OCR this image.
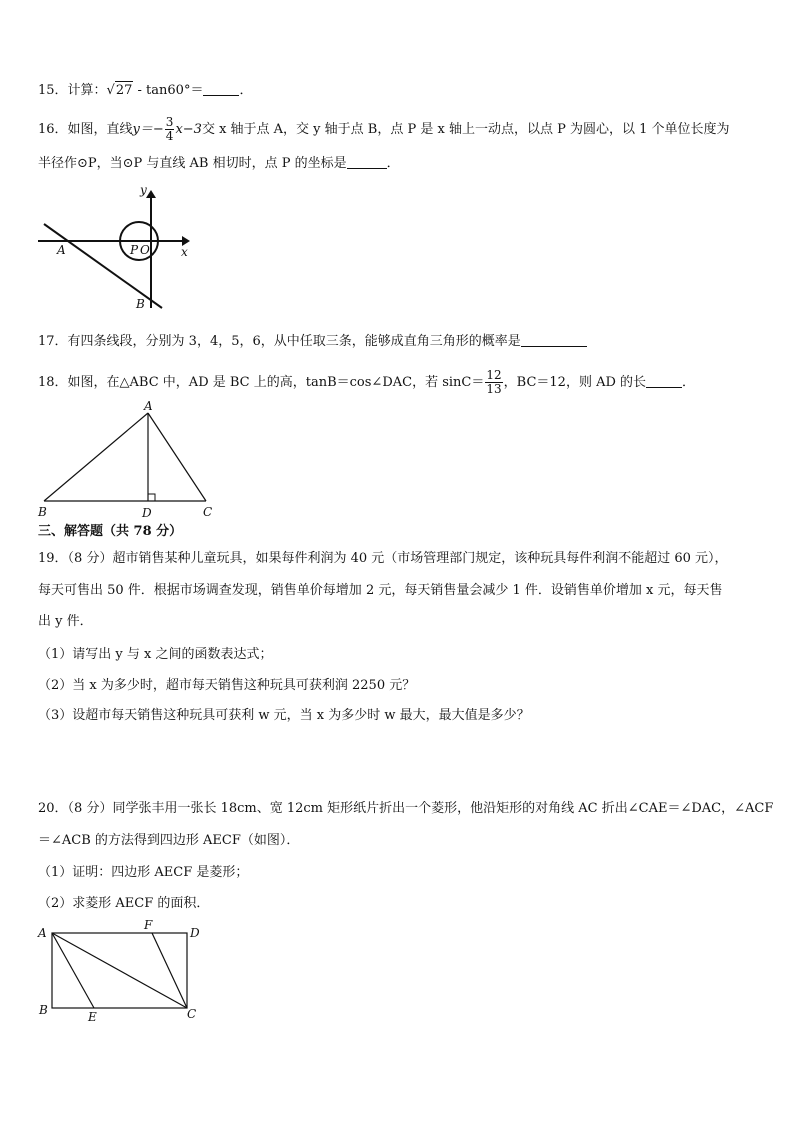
15．计算：√27 - tan60°＝	．
16．如图，直线$y=- \frac{3}{4} x-3$交 x 轴于点 A，交 y 轴于点 B，点 P 是 x 轴上一动点，以点 P 为圆心，以 1 个单位长度为
半径作⊙P，当⊙P 与直线 AB 相切时，点 P 的坐标是	．
y
x
A	P O
B
17．有四条线段，分别为 3，4，5，6，从中任取三条，能够成直角三角形的概率是
18．如图，在△ABC 中，AD 是 BC 上的高，tanB＝cos∠DAC，若 $\sin C= \frac{12}{13}$ ，BC＝12，则 AD 的长	．
A
B	D	C
三、解答题（共 78 分）
19．（8 分）超市销售某种儿童玩具，如果每件利润为 40 元（市场管理部门规定，该种玩具每件利润不能超过 60 元），
每天可售出 50 件．根据市场调查发现，销售单价每增加 2 元，每天销售量会减少 1 件．设销售单价增加 x 元，每天售
出 y 件．
（1）请写出 y 与 x 之间的函数表达式；
（2）当 x 为多少时，超市每天销售这种玩具可获利润 2250 元？
（3）设超市每天销售这种玩具可获利 w 元，当 x 为多少时 w 最大，最大值是多少？
20．（8 分）同学张丰用一张长 18cm、宽 12cm 矩形纸片折出一个菱形，他沿矩形的对角线 AC 折出∠CAE＝∠DAC，∠ACF
＝∠ACB 的方法得到四边形 AECF（如图）．
（1）证明：四边形 AECF 是菱形；
（2）求菱形 AECF 的面积．
A
F
D
B	E	C
